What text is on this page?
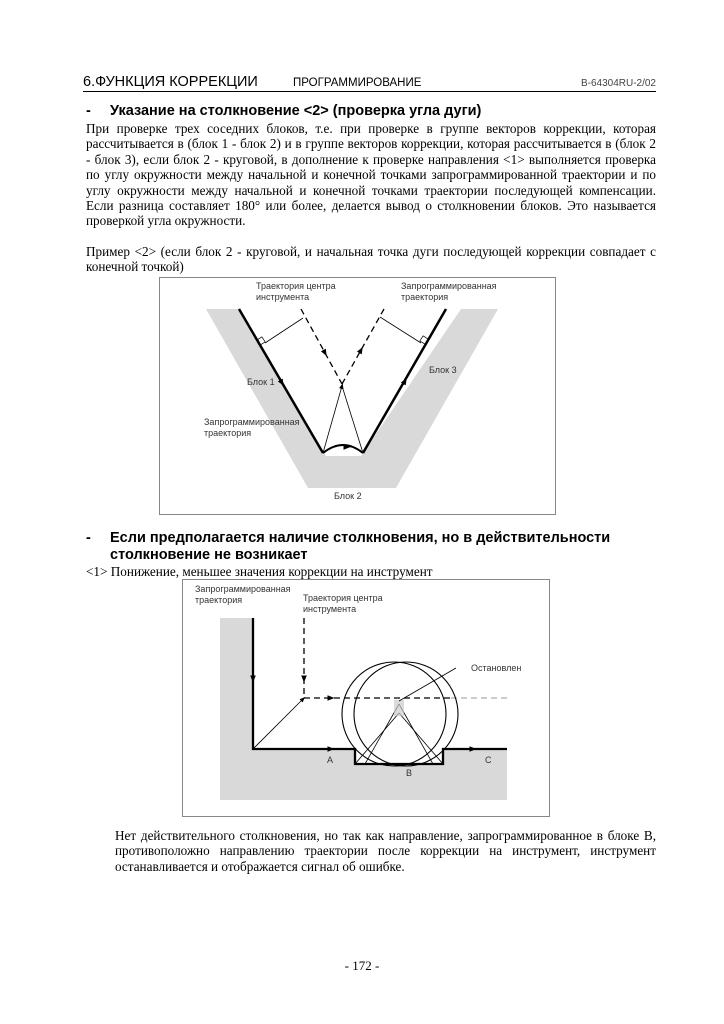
6.ФУНКЦИЯ КОРРЕКЦИИ	ПРОГРАММИРОВАНИЕ	B-64304RU-2/02
- Указание на столкновение <2> (проверка угла дуги)
При проверке трех соседних блоков, т.е. при проверке в группе векторов коррекции, которая рассчитывается в (блок 1 - блок 2) и в группе векторов коррекции, которая рассчитывается в (блок 2 - блок 3), если блок 2 - круговой, в дополнение к проверке направления <1> выполняется проверка по углу окружности между начальной и конечной точками запрограммированной траектории и по углу окружности между начальной и конечной точками траектории последующей компенсации. Если разница составляет 180° или более, делается вывод о столкновении блоков. Это называется проверкой угла окружности.
Пример <2> (если блок 2 - круговой, и начальная точка дуги последующей коррекции совпадает с конечной точкой)
Траектория центра
инструмента
Запрограммированная
траектория
Блок 1
Блок 3
Запрограммированная
траектория
Блок 2
- Если предполагается наличие столкновения, но в действительности
столкновение не возникает
<1> Понижение, меньшее значения коррекции на инструмент
Траектория центра
инструмента
Остановлен
A
B
C
Запрограммированная
траектория
Нет действительного столкновения, но так как направление, запрограммированное в блоке B, противоположно направлению траектории после коррекции на инструмент, инструмент останавливается и отображается сигнал об ошибке.
- 172 -
